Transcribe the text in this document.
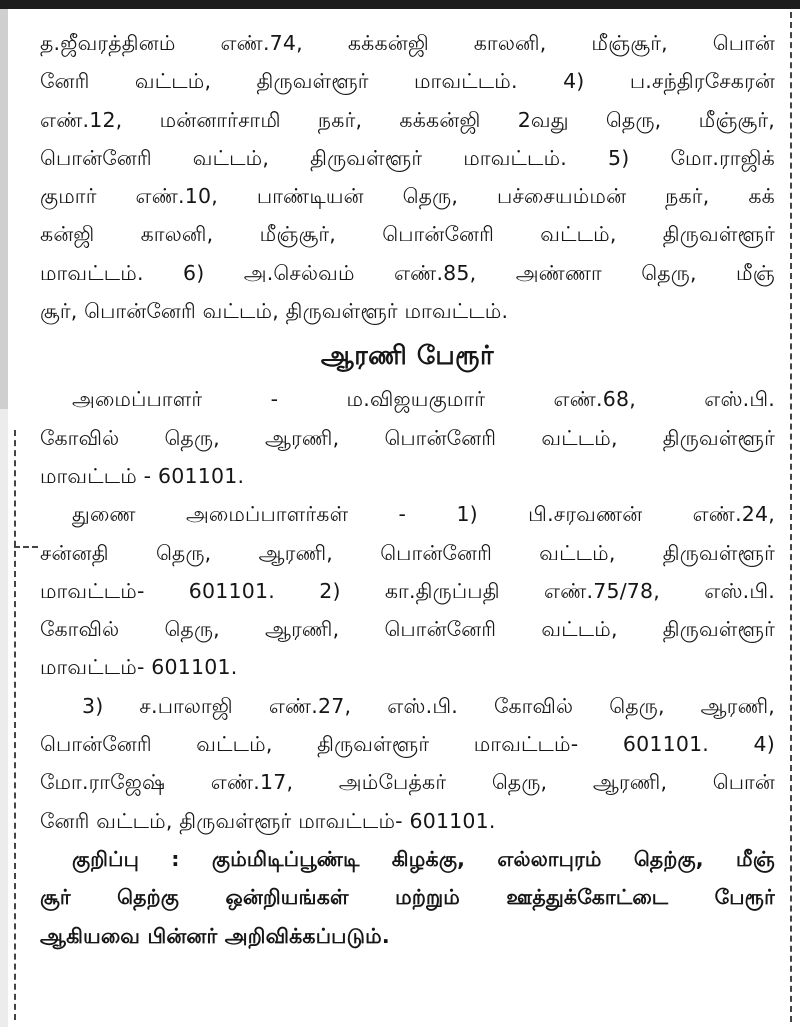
த.ஜீவரத்தினம் எண்.74, கக்கன்ஜி காலனி, மீஞ்சூர், பொன்

னேரி வட்டம், திருவள்ளூர் மாவட்டம். 4) ப.சந்திரசேகரன்

எண்.12, மன்னார்சாமி நகர், கக்கன்ஜி 2வது தெரு, மீஞ்சூர்,

பொன்னேரி வட்டம், திருவள்ளூர் மாவட்டம். 5) மோ.ராஜிக்

குமார் எண்.10, பாண்டியன் தெரு, பச்சையம்மன் நகர், கக்

கன்ஜி காலனி, மீஞ்சூர், பொன்னேரி வட்டம், திருவள்ளூர்

மாவட்டம். 6) அ.செல்வம் எண்.85, அண்ணா தெரு, மீஞ்

சூர், பொன்னேரி வட்டம், திருவள்ளூர் மாவட்டம்.

ஆரணி பேரூர்

அமைப்பாளர் - ம.விஜயகுமார் எண்.68, எஸ்.பி.

கோவில் தெரு, ஆரணி, பொன்னேரி வட்டம், திருவள்ளூர்

மாவட்டம் - 601101.

துணை அமைப்பாளர்கள் - 1) பி.சரவணன் எண்.24,

சன்னதி தெரு, ஆரணி, பொன்னேரி வட்டம், திருவள்ளூர்

மாவட்டம்- 601101. 2) கா.திருப்பதி எண்.75/78, எஸ்.பி.

கோவில் தெரு, ஆரணி, பொன்னேரி வட்டம், திருவள்ளூர்

மாவட்டம்- 601101.

3) ச.பாலாஜி எண்.27, எஸ்.பி. கோவில் தெரு, ஆரணி,

பொன்னேரி வட்டம், திருவள்ளூர் மாவட்டம்- 601101. 4)

மோ.ராஜேஷ் எண்.17, அம்பேத்கர் தெரு, ஆரணி, பொன்

னேரி வட்டம், திருவள்ளூர் மாவட்டம்- 601101.

குறிப்பு : கும்மிடிப்பூண்டி கிழக்கு, எல்லாபுரம் தெற்கு, மீஞ்

சூர் தெற்கு ஒன்றியங்கள் மற்றும் ஊத்துக்கோட்டை பேரூர்

ஆகியவை பின்னர் அறிவிக்கப்படும்.
